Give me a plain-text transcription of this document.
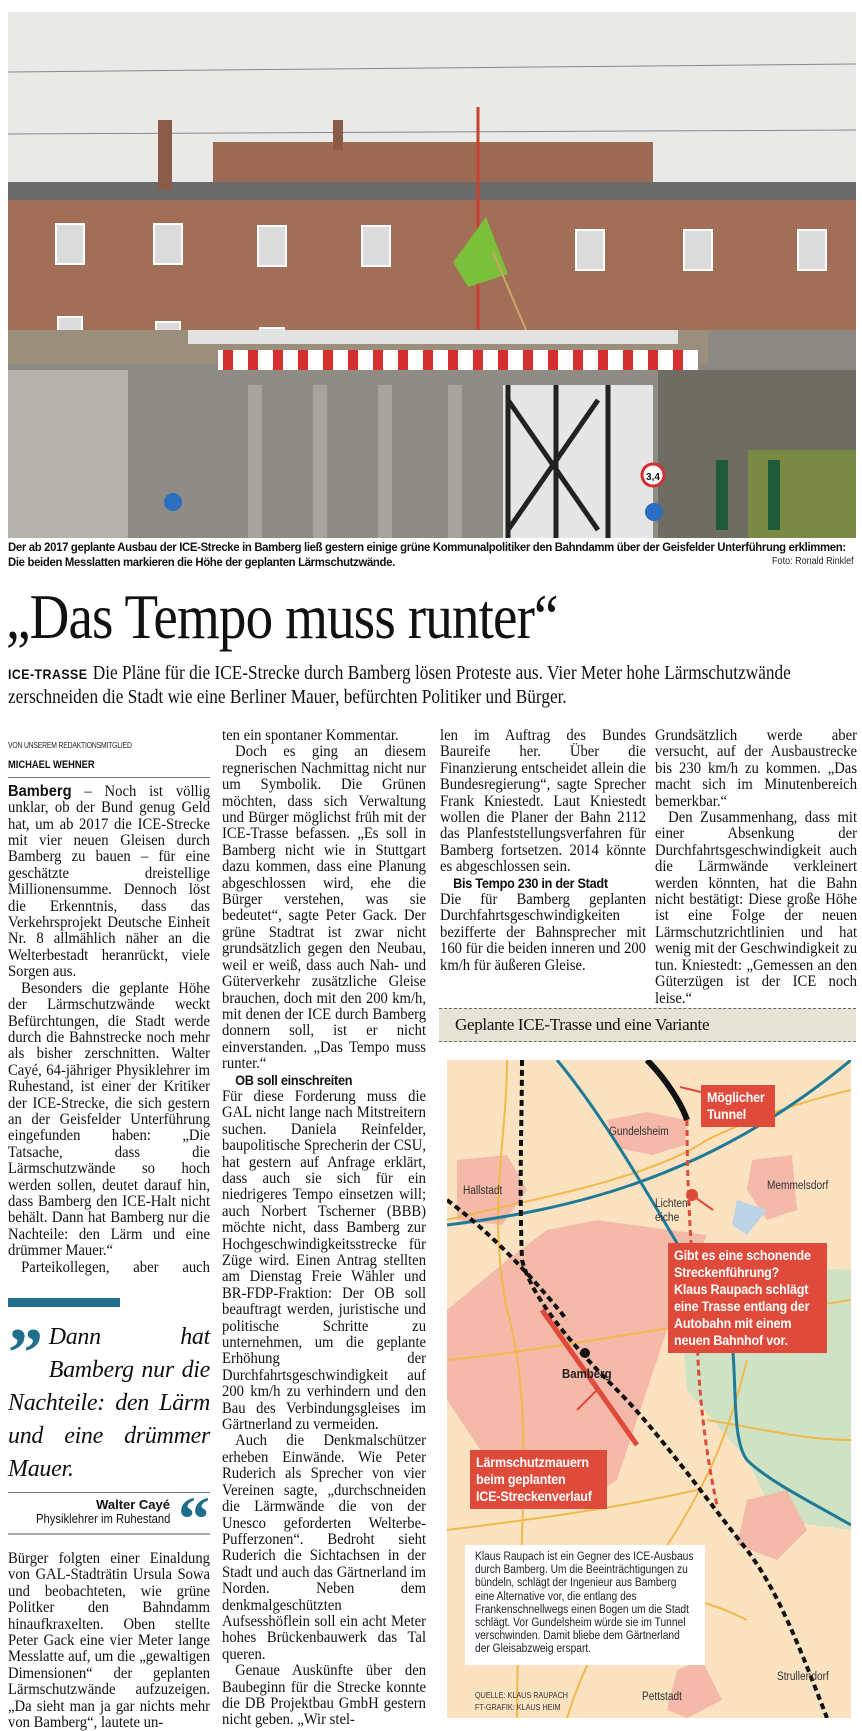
3,4
Der ab 2017 geplante Ausbau der ICE-Strecke in Bamberg ließ gestern einige grüne Kommunalpolitiker den Bahndamm über der Geisfelder Unterführung erklimmen: Die beiden Messlatten markieren die Höhe der geplanten Lärmschutzwände.	Foto: Ronald Rinklef
„Das Tempo muss runter“
ICE-TRASSE Die Pläne für die ICE-Strecke durch Bamberg lösen Proteste aus. Vier Meter hohe Lärmschutzwände zerschneiden die Stadt wie eine Berliner Mauer, befürchten Politiker und Bürger.
VON UNSEREM REDAKTIONSMITGLIED
MICHAEL WEHNER

Bamberg – Noch ist völlig unklar, ob der Bund genug Geld hat, um ab 2017 die ICE-Strecke mit vier neuen Gleisen durch Bamberg zu bauen – für eine geschätzte dreistellige Millionensumme. Dennoch löst die Erkenntnis, dass das Verkehrsprojekt Deutsche Einheit Nr. 8 allmählich näher an die Welterbestadt heranrückt, viele Sorgen aus.

Besonders die geplante Höhe der Lärmschutzwände weckt Befürchtungen, die Stadt werde durch die Bahnstrecke noch mehr als bisher zerschnitten. Walter Cayé, 64-jähriger Physiklehrer im Ruhestand, ist einer der Kritiker der ICE-Strecke, die sich gestern an der Geisfelder Unterführung eingefunden haben: „Die Tatsache, dass die Lärmschutzwände so hoch werden sollen, deutet darauf hin, dass Bamberg den ICE-Halt nicht behält. Dann hat Bamberg nur die Nachteile: den Lärm und eine drümmer Mauer.“

Parteikollegen, aber auch

” Dann hat Bamberg nur die Nachteile: den Lärm und eine drümmer Mauer.
Walter Cayé
Physiklehrer im Ruhestand “

Bürger folgten einer Einaldung von GAL-Stadträtin Ursula Sowa und beobachteten, wie grüne Politker den Bahndamm hinaufkraxelten. Oben stellte Peter Gack eine vier Meter lange Messlatte auf, um die „gewaltigen Dimensionen“ der geplanten Lärmschutzwände aufzuzeigen. „Da sieht man ja gar nichts mehr von Bamberg“, lautete un-

ten ein spontaner Kommentar.

Doch es ging an diesem regnerischen Nachmittag nicht nur um Symbolik. Die Grünen möchten, dass sich Verwaltung und Bürger möglichst früh mit der ICE-Trasse befassen. „Es soll in Bamberg nicht wie in Stuttgart dazu kommen, dass eine Planung abgeschlossen wird, ehe die Bürger verstehen, was sie bedeutet“, sagte Peter Gack. Der grüne Stadtrat ist zwar nicht grundsätzlich gegen den Neubau, weil er weiß, dass auch Nah- und Güterverkehr zusätzliche Gleise brauchen, doch mit den 200 km/h, mit denen der ICE durch Bamberg donnern soll, ist er nicht einverstanden. „Das Tempo muss runter.“

OB soll einschreiten

Für diese Forderung muss die GAL nicht lange nach Mitstreitern suchen. Daniela Reinfelder, baupolitische Sprecherin der CSU, hat gestern auf Anfrage erklärt, dass auch sie sich für ein niedrigeres Tempo einsetzen will; auch Norbert Tscherner (BBB) möchte nicht, dass Bamberg zur Hochgeschwindigkeitsstrecke für Züge wird. Einen Antrag stellten am Dienstag Freie Wähler und BR-FDP-Fraktion: Der OB soll beauftragt werden, juristische und politische Schritte zu unternehmen, um die geplante Erhöhung der Durchfahrtsgeschwindigkeit auf 200 km/h zu verhindern und den Bau des Verbindungsgleises im Gärtnerland zu vermeiden.

Auch die Denkmalschützer erheben Einwände. Wie Peter Ruderich als Sprecher von vier Vereinen sagte, „durchschneiden die Lärmwände die von der Unesco geforderten Welterbe-Pufferzonen“. Bedroht sieht Ruderich die Sichtachsen in der Stadt und auch das Gärtnerland im Norden. Neben dem denkmalgeschützten Aufsesshöflein soll ein acht Meter hohes Brückenbauwerk das Tal queren.

Genaue Auskünfte über den Baubeginn für die Strecke konnte die DB Projektbau GmbH gestern nicht geben. „Wir stel-

len im Auftrag des Bundes Baureife her. Über die Finanzierung entscheidet allein die Bundesregierung“, sagte Sprecher Frank Kniestedt. Laut Kniestedt wollen die Planer der Bahn 2112 das Planfeststellungsverfahren für Bamberg fortsetzen. 2014 könnte es abgeschlossen sein.

Bis Tempo 230 in der Stadt

Die für Bamberg geplanten Durchfahrtsgeschwindigkeiten bezifferte der Bahnsprecher mit 160 für die beiden inneren und 200 km/h für äußeren Gleise.

Grundsätzlich werde aber versucht, auf der Ausbaustrecke bis 230 km/h zu kommen. „Das macht sich im Minutenbereich bemerkbar.“

Den Zusammenhang, dass mit einer Absenkung der Durchfahrtsgeschwindigkeit auch die Lärmwände verkleinert werden könnten, hat die Bahn nicht bestätigt: Diese große Höhe ist eine Folge der neuen Lärmschutzrichtlinien und hat wenig mit der Geschwindigkeit zu tun. Kniestedt: „Gemessen an den Güterzügen ist der ICE noch leise.“

Geplante ICE-Trasse und eine Variante
Gundelsheim
Memmelsdorf
Hallstadt
Lichten-
eiche
Bamberg
Strullendorf
Pettstadt
Möglicher
Tunnel
Gibt es eine schonende
Streckenführung?
Klaus Raupach schlägt
eine Trasse entlang der
Autobahn mit einem
neuen Bahnhof vor.
Lärmschutzmauern
beim geplanten
ICE-Streckenverlauf
Klaus Raupach ist ein Gegner des ICE-Ausbaus durch Bamberg. Um die Beeinträchtigungen zu bündeln, schlägt der Ingenieur aus Bamberg eine Alternative vor, die entlang des Frankenschnellwegs einen Bogen um die Stadt schlägt. Vor Gundelsheim würde sie im Tunnel verschwinden. Damit bliebe dem Gärtnerland der Gleisabzweig erspart.
QUELLE: KLAUS RAUPACH
FT-GRAFIK: KLAUS HEIM
